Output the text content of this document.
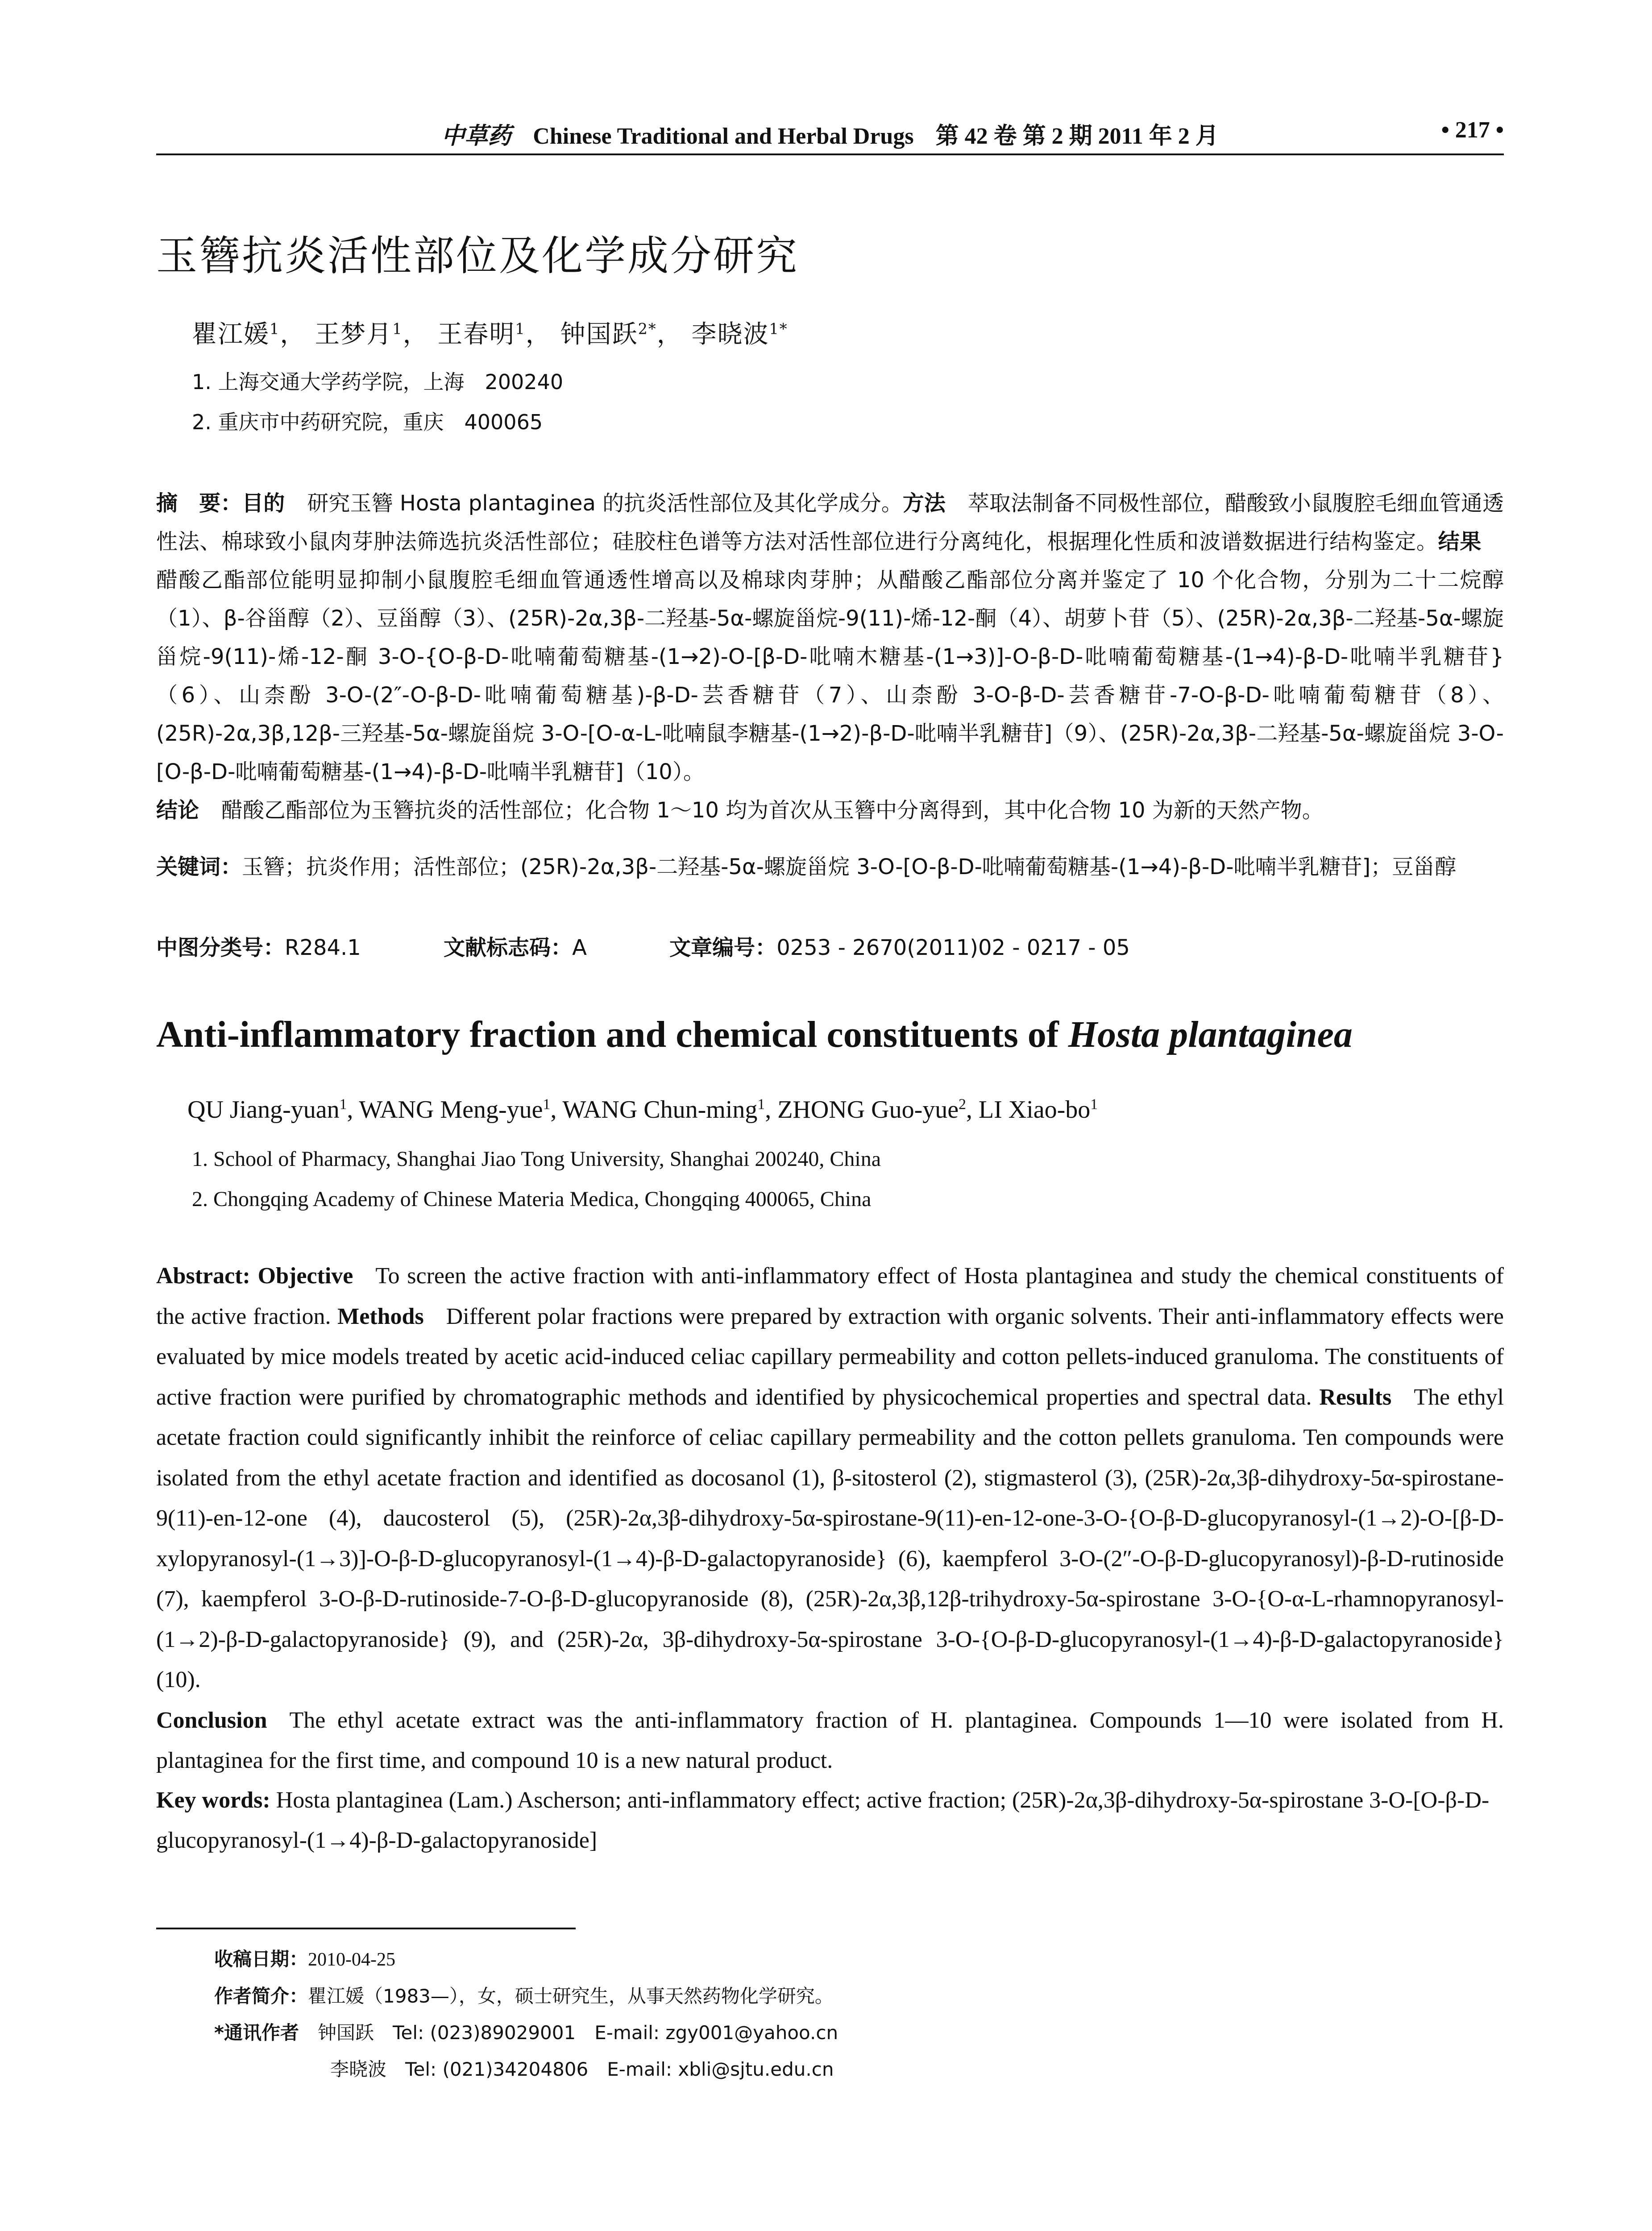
中草药 Chinese Traditional and Herbal Drugs 第 42 卷 第 2 期 2011 年 2 月	• 217 •
玉簪抗炎活性部位及化学成分研究
瞿江媛$^1$， 王梦月$^1$， 王春明$^1$， 钟国跃$^{2*}$， 李晓波$^{1*}$
1. 上海交通大学药学院，上海　200240
2. 重庆市中药研究院，重庆　400065
摘　要：目的 研究玉簪 Hosta plantaginea 的抗炎活性部位及其化学成分。方法 萃取法制备不同极性部位，醋酸致小鼠腹腔毛细血管通透性法、棉球致小鼠肉芽肿法筛选抗炎活性部位；硅胶柱色谱等方法对活性部位进行分离纯化，根据理化性质和波谱数据进行结构鉴定。结果醋酸乙酯部位能明显抑制小鼠腹腔毛细血管通透性增高以及棉球肉芽肿；从醋酸乙酯部位分离并鉴定了 10 个化合物，分别为二十二烷醇（1）、β-谷甾醇（2）、豆甾醇（3）、(25R)-2α,3β-二羟基-5α-螺旋甾烷-9(11)-烯-12-酮（4）、胡萝卜苷（5）、(25R)-2α,3β-二羟基-5α-螺旋甾烷-9(11)-烯-12-酮 3-O-{O-β-D-吡喃葡萄糖基-(1→2)-O-[β-D-吡喃木糖基-(1→3)]-O-β-D-吡喃葡萄糖基-(1→4)-β-D-吡喃半乳糖苷}（6）、山柰酚 3-O-(2″-O-β-D-吡喃葡萄糖基)-β-D-芸香糖苷（7）、山柰酚 3-O-β-D-芸香糖苷-7-O-β-D-吡喃葡萄糖苷（8）、(25R)-2α,3β,12β-三羟基-5α-螺旋甾烷 3-O-[O-α-L-吡喃鼠李糖基-(1→2)-β-D-吡喃半乳糖苷]（9）、(25R)-2α,3β-二羟基-5α-螺旋甾烷 3-O-[O-β-D-吡喃葡萄糖基-(1→4)-β-D-吡喃半乳糖苷]（10）。
结论 醋酸乙酯部位为玉簪抗炎的活性部位；化合物 1～10 均为首次从玉簪中分离得到，其中化合物 10 为新的天然产物。
关键词：玉簪；抗炎作用；活性部位；(25R)-2α,3β-二羟基-5α-螺旋甾烷 3-O-[O-β-D-吡喃葡萄糖基-(1→4)-β-D-吡喃半乳糖苷]；豆甾醇
中图分类号：R284.1	文献标志码：A	文章编号：0253 - 2670(2011)02 - 0217 - 05
Anti-inflammatory fraction and chemical constituents of Hosta plantaginea
QU Jiang-yuan$^1$, WANG Meng-yue$^1$, WANG Chun-ming$^1$, ZHONG Guo-yue$^2$, LI Xiao-$bo^1$
1. School of Pharmacy, Shanghai Jiao Tong University, Shanghai 200240, China
2. Chongqing Academy of Chinese Materia Medica, Chongqing 400065, China
Abstract: Objective To screen the active fraction with anti-inflammatory effect of Hosta plantaginea and study the chemical constituents of the active fraction. Methods Different polar fractions were prepared by extraction with organic solvents. Their anti-inflammatory effects were evaluated by mice models treated by acetic acid-induced celiac capillary permeability and cotton pellets-induced granuloma. The constituents of active fraction were purified by chromatographic methods and identified by physicochemical properties and spectral data. Results The ethyl acetate fraction could significantly inhibit the reinforce of celiac capillary permeability and the cotton pellets granuloma. Ten compounds were isolated from the ethyl acetate fraction and identified as docosanol (1), β-sitosterol (2), stigmasterol (3), (25R)-2α,3β-dihydroxy-5α-spirostane-9(11)-en-12-one (4), daucosterol (5), (25R)-2α,3β-dihydroxy-5α-spirostane-9(11)-en-12-one-3-O-{O-β-D-glucopyranosyl-(1→2)-O-[β-D-xylopyranosyl-(1→3)]-O-β-D-glucopyranosyl-(1→4)-β-D-galactopyranoside} (6), kaempferol 3-O-(2″-O-β-D-glucopyranosyl)-β-D-rutinoside (7), kaempferol 3-O-β-D-rutinoside-7-O-β-D-glucopyranoside (8), (25R)-2α,3β,12β-trihydroxy-5α-spirostane 3-O-{O-α-L-rhamnopyranosyl-(1→2)-β-D-galactopyranoside} (9), and (25R)-2α, 3β-dihydroxy-5α-spirostane 3-O-{O-β-D-glucopyranosyl-(1→4)-β-D-galactopyranoside} (10).
Conclusion The ethyl acetate extract was the anti-inflammatory fraction of H. plantaginea. Compounds 1—10 were isolated from H. plantaginea for the first time, and compound 10 is a new natural product.
Key words: Hosta plantaginea (Lam.) Ascherson; anti-inflammatory effect; active fraction; (25R)-2α,3β-dihydroxy-5α-spirostane 3-O-[O-β-D-glucopyranosyl-(1→4)-β-D-galactopyranoside]
收稿日期：2010-04-25
作者简介：瞿江媛（1983—），女，硕士研究生，从事天然药物化学研究。
*通讯作者　 钟国跃　Tel: (023)89029001　E-mail: zgy001@yahoo.cn
李晓波　Tel: (021)34204806　E-mail: xbli@sjtu.edu.cn
